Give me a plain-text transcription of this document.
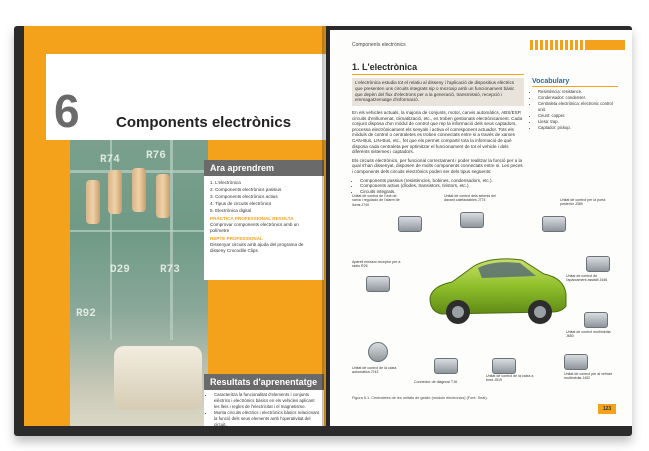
6 Components electrònics
R74 R76
R73
R92
D29
Ara aprendrem
1. L'electrònica
2. Components electrònics passius
3. Components electrònics actius
4. Tipus de circuits electrònics
5. Electrònica digital
PRÀCTICA PROFESSIONAL RESOLTA
Comprovar components electrònics amb un polímetre
REPTE PROFESSIONAL
Dissenyar circuits amb ajuda del programa de disseny Crocodile Clips
Resultats d'aprenentatge
• Caracteritza la funcionalitat d'elements i conjunts elèctrics i electrònics bàsics en els vehicles aplicant les lleis i regles de l'electricitat i el magnetisme.
• Munta circuits elèctrics i electrònics bàsics relacionant la funció dels seus elements amb l'operativitat del circuit.
Components electrònics
1. L'electrònica
L'electrònica estudia tot el relatiu al disseny i l'aplicació de dispositius elèctrics que presenten uns circuits integrats sip o microxip amb un funcionament bàsic que depèn del flux d'electrons per a la generació, transmissió, recepció i emmagatzematge d'informació.

En els vehicles actuals, la majoria de conjunts, motor, canvis automàtics, ABS/ESP, circuits d'enllumenat, climatització, etc., es troben gestionats electrònicament. Cada conjunt disposa d'un mòdul de control que rep la informació dels seus captadors, processa electrònicament els senyals i activa el corresponent actuador. Tots els mòduls de control o centraletes es troben connectats entre si a través de xarxes CAN-Bus, LIN-Bus, etc., fet que els permet compartir tota la informació de què disposa cada centraleta per optimitzar el funcionament de tot el vehicle i dels diferents sistemes i captadors.

Els circuits electrònics, per funcional correctament i poder realitzar la funció per a la qual s'han dissenyat, disposen de molts components connectats entre si. Les peces i components dels circuits electrònics poden ser dels tipus següents:

• Components passius (resistències, bobines, condensadors, etc.).
• Components actius (díodes, transistors, tiristors, etc.).
• Circuits integrats.
Vocabulary
• Resistència: resistance.
• Condensador: condenser.
• Centraleta electrònica: electronic control unit.
• Ceunt: copper.
• Llesa: trap.
• Captador: pickup.
Unitat de control de l'unit de xarxa i regulació de l'alarm de llums J740
Unitat de control dels seients del davant calefactables J774	Unitat de control per la porta posterior J389
Aparell emissor-receptor per a ràdio R26
Unitat de control de l'aparcament assistit J446
Unitat de control multimèdia J650
Unitat de control per al vehicle multimèdia J452
Unitat de control de la caixa automàtica J743
Connector de diagnosi T16
Unitat de control de la caixa a bord J519
Figura 6.1. Centraletes de les unitats de gestió (mòduls electrònics) (Font: Seat).
123
